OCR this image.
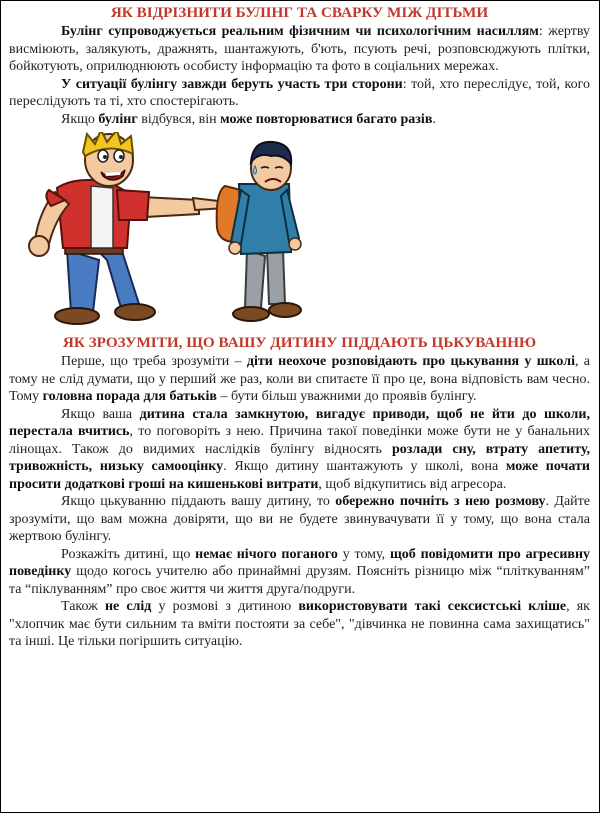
ЯК ВІДРІЗНИТИ БУЛІНГ ТА СВАРКУ МІЖ ДІТЬМИ

Булінг супроводжується реальним фізичним чи психологічним насиллям: жертву висміюють, залякують, дражнять, шантажують, б'ють, псують речі, розповсюджують плітки, бойкотують, оприлюднюють особисту інформацію та фото в соціальних мережах.

У ситуації булінгу завжди беруть участь три сторони: той, хто переслідує, той, кого переслідують та ті, хто спостерігають.

Якщо булінг відбувся, він може повторюватися багато разів.

ЯК ЗРОЗУМІТИ, ЩО ВАШУ ДИТИНУ ПІДДАЮТЬ ЦЬКУВАННЮ

Перше, що треба зрозуміти – діти неохоче розповідають про цькування у школі, а тому не слід думати, що у перший же раз, коли ви спитаєте її про це, вона відповість вам чесно. Тому головна порада для батьків – бути більш уважними до проявів булінгу.

Якщо ваша дитина стала замкнутою, вигадує приводи, щоб не йти до школи, перестала вчитись, то поговоріть з нею. Причина такої поведінки може бути не у банальних лінощах. Також до видимих наслідків булінгу відносять розлади сну, втрату апетиту, тривожність, низьку самооцінку. Якщо дитину шантажують у школі, вона може почати просити додаткові гроші на кишенькові витрати, щоб відкупитись від агресора.

Якщо цькуванню піддають вашу дитину, то обережно почніть з нею розмову. Дайте зрозуміти, що вам можна довіряти, що ви не будете звинувачувати її у тому, що вона стала жертвою булінгу.

Розкажіть дитині, що немає нічого поганого у тому, щоб повідомити про агресивну поведінку щодо когось учителю або принаймні друзям. Поясніть різницю між “пліткуванням” та “піклуванням” про своє життя чи життя друга/подруги.

Також не слід у розмові з дитиною використовувати такі сексистські кліше, як "хлопчик має бути сильним та вміти постояти за себе", "дівчинка не повинна сама захищатись" та інші. Це тільки погіршить ситуацію.
